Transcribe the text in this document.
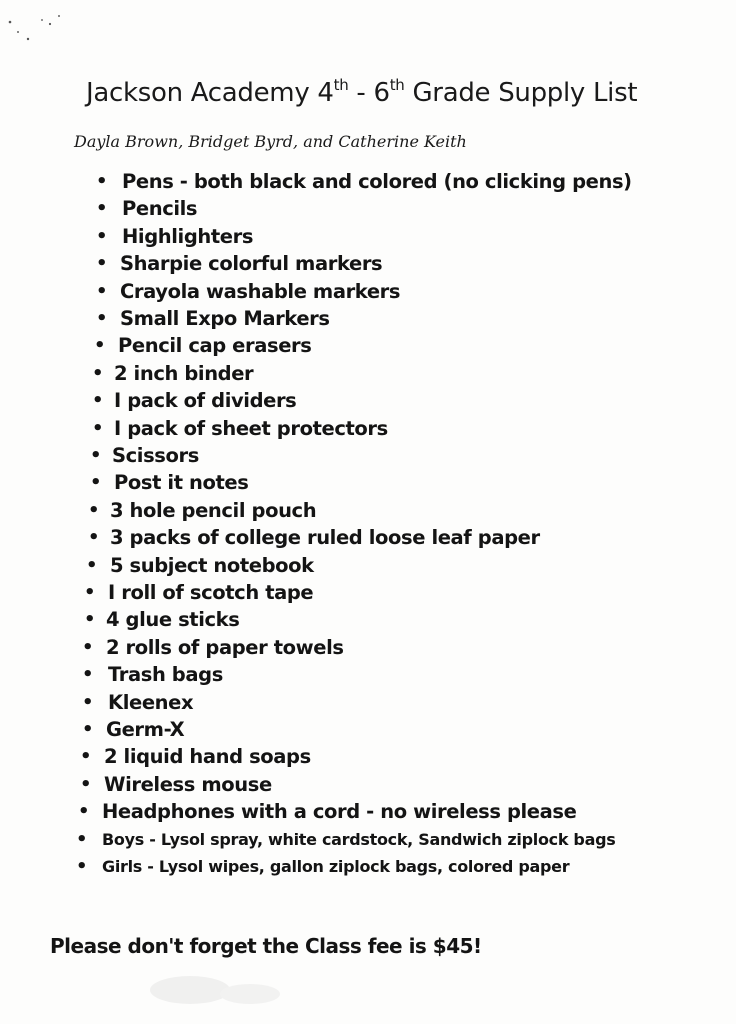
Jackson Academy 4th - 6th Grade Supply List
Dayla Brown, Bridget Byrd, and Catherine Keith
• Pens - both black and colored (no clicking pens)
• Pencils
• Highlighters
• Sharpie colorful markers
• Crayola washable markers
• Small Expo Markers
• Pencil cap erasers
• 2 inch binder
• I pack of dividers
• I pack of sheet protectors
• Scissors
• Post it notes
• 3 hole pencil pouch
• 3 packs of college ruled loose leaf paper
• 5 subject notebook
• I roll of scotch tape
• 4 glue sticks
• 2 rolls of paper towels
• Trash bags
• Kleenex
• Germ-X
• 2 liquid hand soaps
• Wireless mouse
• Headphones with a cord - no wireless please
• Boys - Lysol spray, white cardstock, Sandwich ziplock bags
• Girls - Lysol wipes, gallon ziplock bags, colored paper
Please don't forget the Class fee is $45!
